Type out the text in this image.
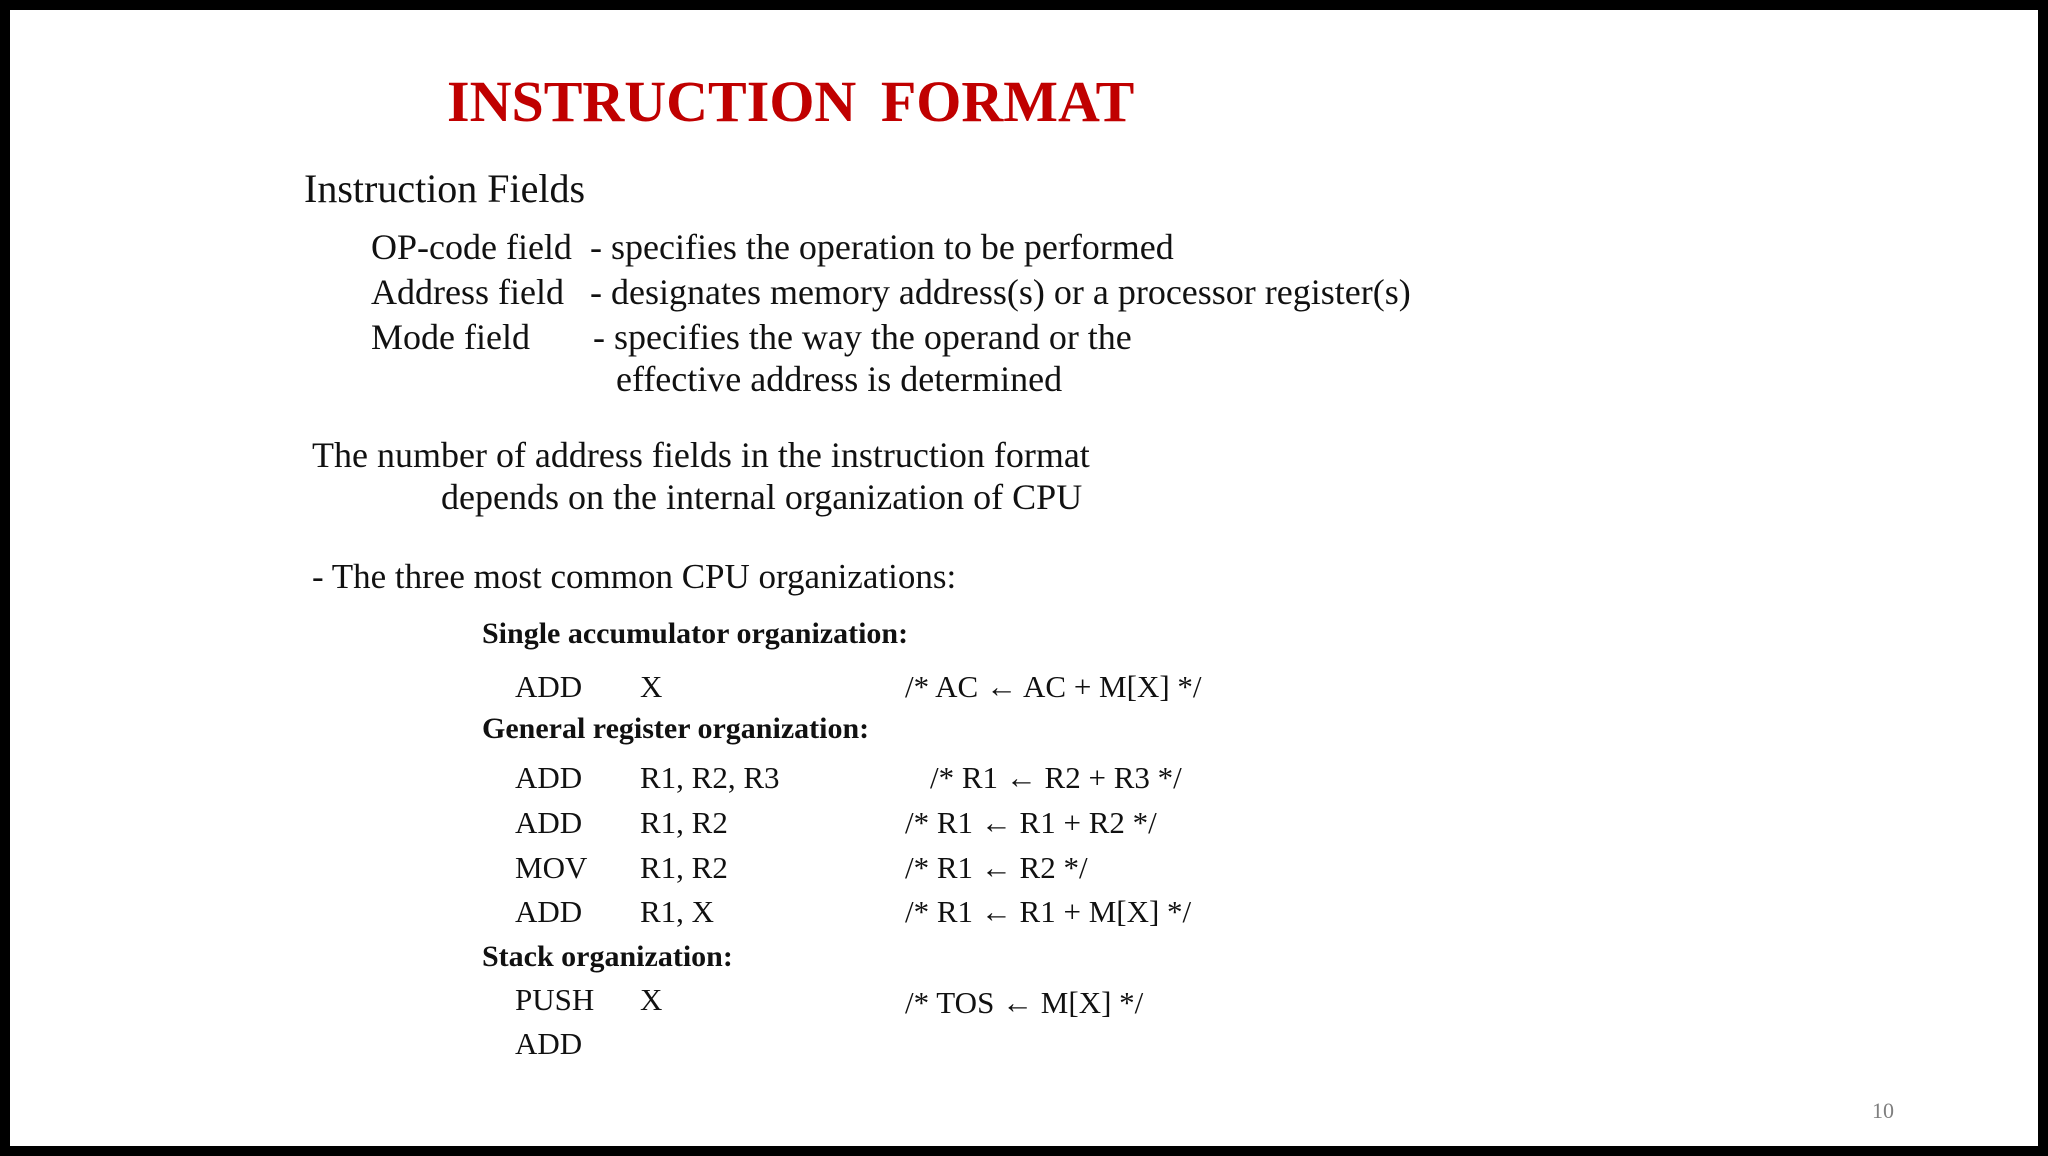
INSTRUCTION FORMAT
Instruction Fields
OP-code field - specifies the operation to be performed
Address field - designates memory address(s) or a processor register(s)
Mode field - specifies the way the operand or the
effective address is determined
The number of address fields in the instruction format
depends on the internal organization of CPU
- The three most common CPU organizations:
Single accumulator organization:
ADD X	/* AC ← AC + M[X] */
General register organization:
ADD R1, R2, R3	/* R1 ← R2 + R3 */
ADD R1, R2	/* R1 ← R1 + R2 */
MOV R1, R2	/* R1 ← R2 */
ADD R1, X	/* R1 ← R1 + M[X] */
Stack organization:
PUSH X	/* TOS ← M[X] */
ADD
10
